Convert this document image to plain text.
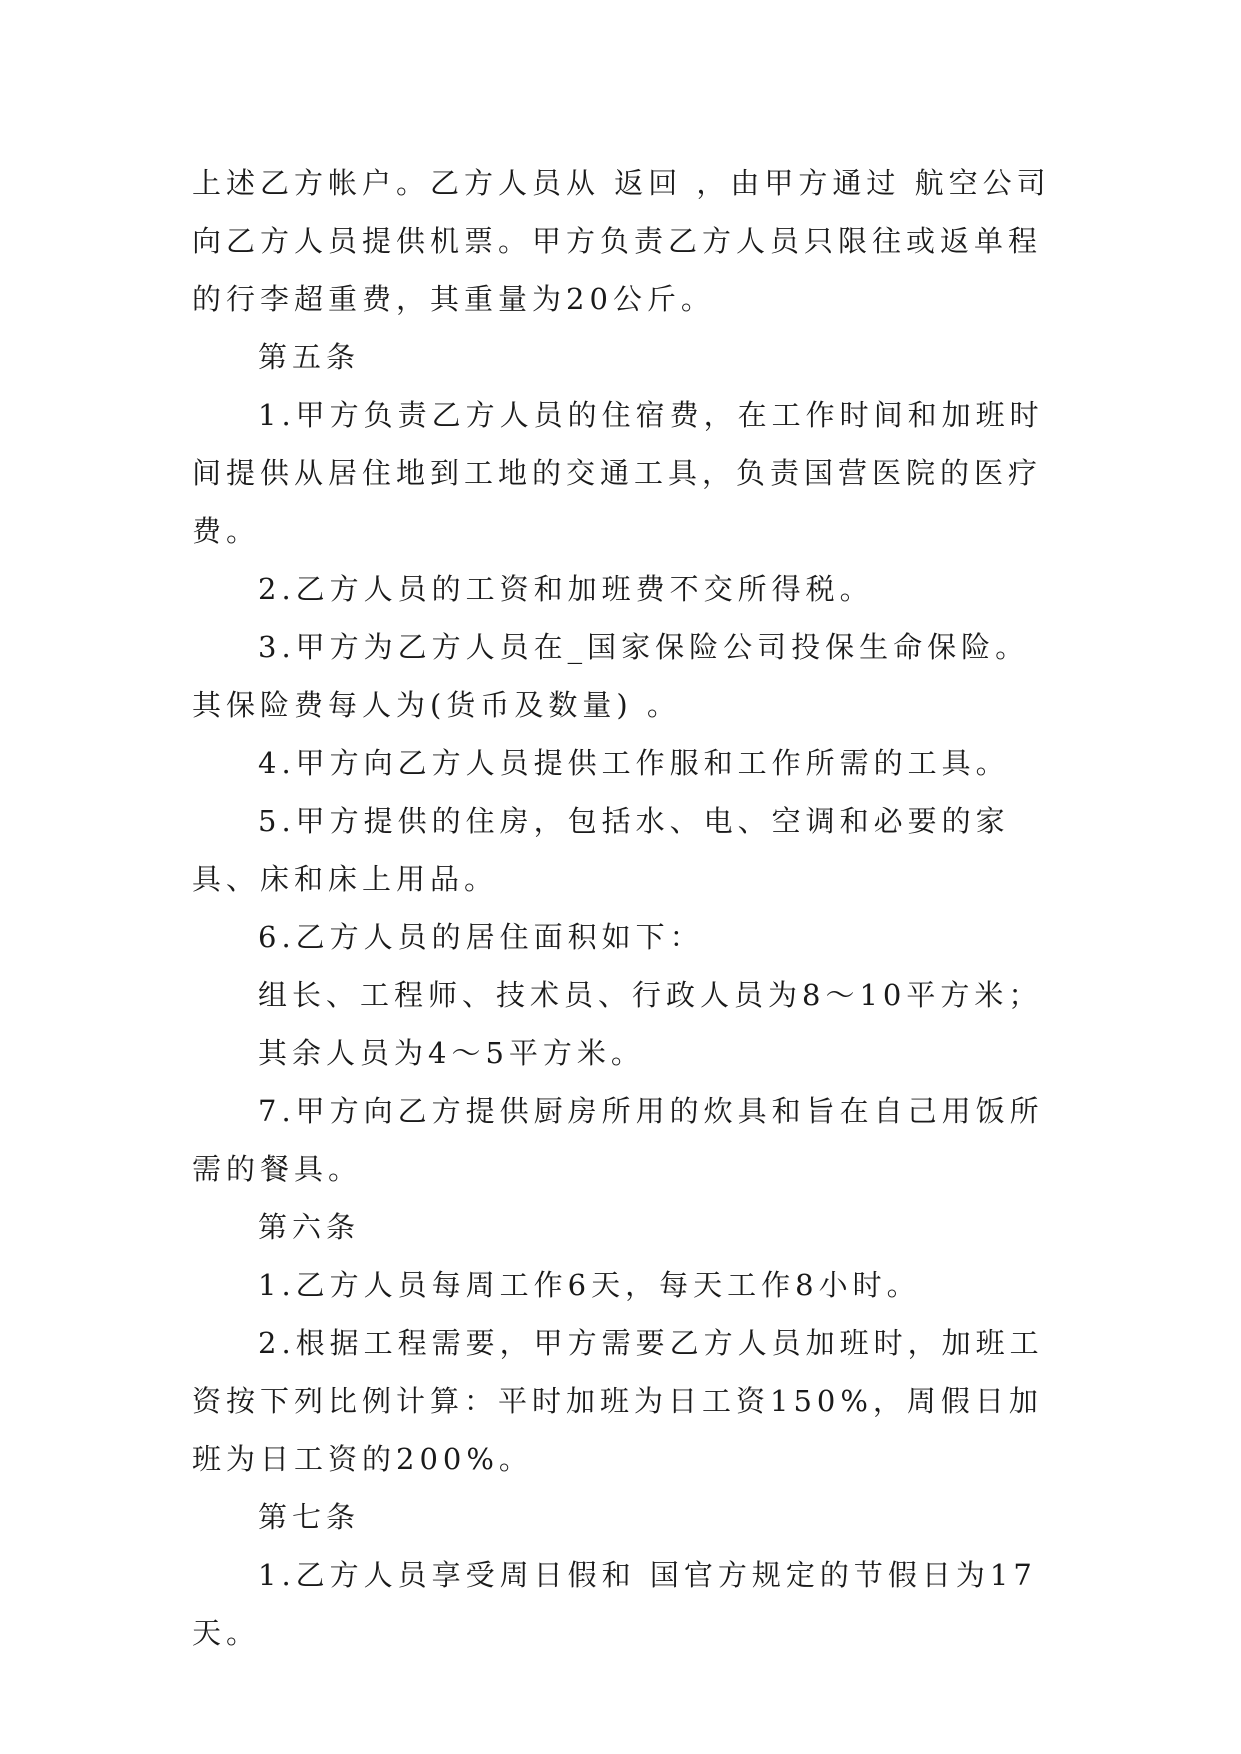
上述乙方帐户。乙方人员从 返回 ，由甲方通过 航空公司向乙方人员提供机票。甲方负责乙方人员只限往或返单程的行李超重费，其重量为20公斤。

第五条

1.甲方负责乙方人员的住宿费，在工作时间和加班时间提供从居住地到工地的交通工具，负责国营医院的医疗费。

2.乙方人员的工资和加班费不交所得税。

3.甲方为乙方人员在_国家保险公司投保生命保险。其保险费每人为(货币及数量) 。

4.甲方向乙方人员提供工作服和工作所需的工具。

5.甲方提供的住房，包括水、电、空调和必要的家具、床和床上用品。

6.乙方人员的居住面积如下：

组长、工程师、技术员、行政人员为8～10平方米；

其余人员为4～5平方米。

7.甲方向乙方提供厨房所用的炊具和旨在自己用饭所需的餐具。

第六条

1.乙方人员每周工作6天，每天工作8小时。

2.根据工程需要，甲方需要乙方人员加班时，加班工资按下列比例计算：平时加班为日工资150%，周假日加班为日工资的200%。

第七条

1.乙方人员享受周日假和 国官方规定的节假日为17天。
